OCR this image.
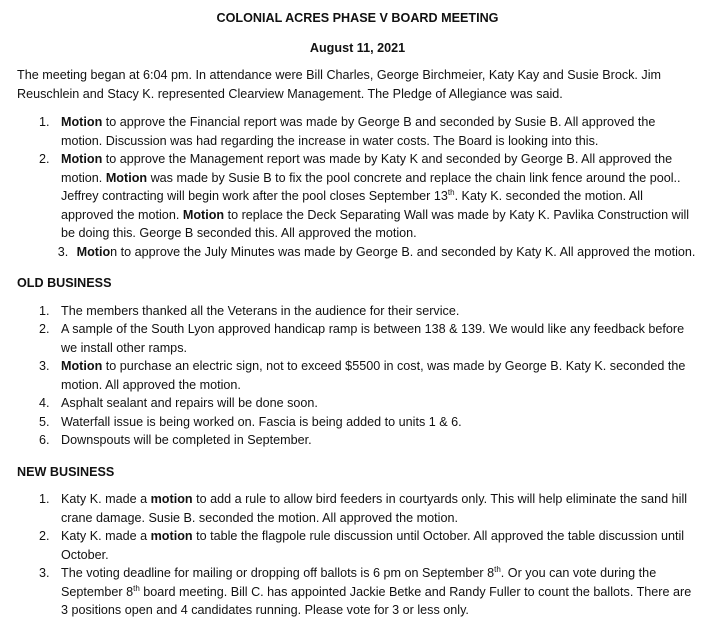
COLONIAL ACRES PHASE V BOARD MEETING
August 11, 2021
The meeting began at 6:04 pm. In attendance were Bill Charles, George Birchmeier, Katy Kay and Susie Brock. Jim Reuschlein and Stacy K. represented Clearview Management. The Pledge of Allegiance was said.
1. Motion to approve the Financial report was made by George B and seconded by Susie B. All approved the motion. Discussion was had regarding the increase in water costs. The Board is looking into this.
2. Motion to approve the Management report was made by Katy K and seconded by George B. All approved the motion. Motion was made by Susie B to fix the pool concrete and replace the chain link fence around the pool.. Jeffrey contracting will begin work after the pool closes September 13th. Katy K. seconded the motion. All approved the motion. Motion to replace the Deck Separating Wall was made by Katy K. Pavlika Construction will be doing this. George B seconded this. All approved the motion.
3. Motion to approve the July Minutes was made by George B. and seconded by Katy K. All approved the motion.
OLD BUSINESS
1. The members thanked all the Veterans in the audience for their service.
2. A sample of the South Lyon approved handicap ramp is between 138 & 139. We would like any feedback before we install other ramps.
3. Motion to purchase an electric sign, not to exceed $5500 in cost, was made by George B. Katy K. seconded the motion. All approved the motion.
4. Asphalt sealant and repairs will be done soon.
5. Waterfall issue is being worked on. Fascia is being added to units 1 & 6.
6. Downspouts will be completed in September.
NEW BUSINESS
1. Katy K. made a motion to add a rule to allow bird feeders in courtyards only. This will help eliminate the sand hill crane damage. Susie B. seconded the motion. All approved the motion.
2. Katy K. made a motion to table the flagpole rule discussion until October. All approved the table discussion until October.
3. The voting deadline for mailing or dropping off ballots is 6 pm on September 8th. Or you can vote during the September 8th board meeting. Bill C. has appointed Jackie Betke and Randy Fuller to count the ballots. There are 3 positions open and 4 candidates running. Please vote for 3 or less only.
